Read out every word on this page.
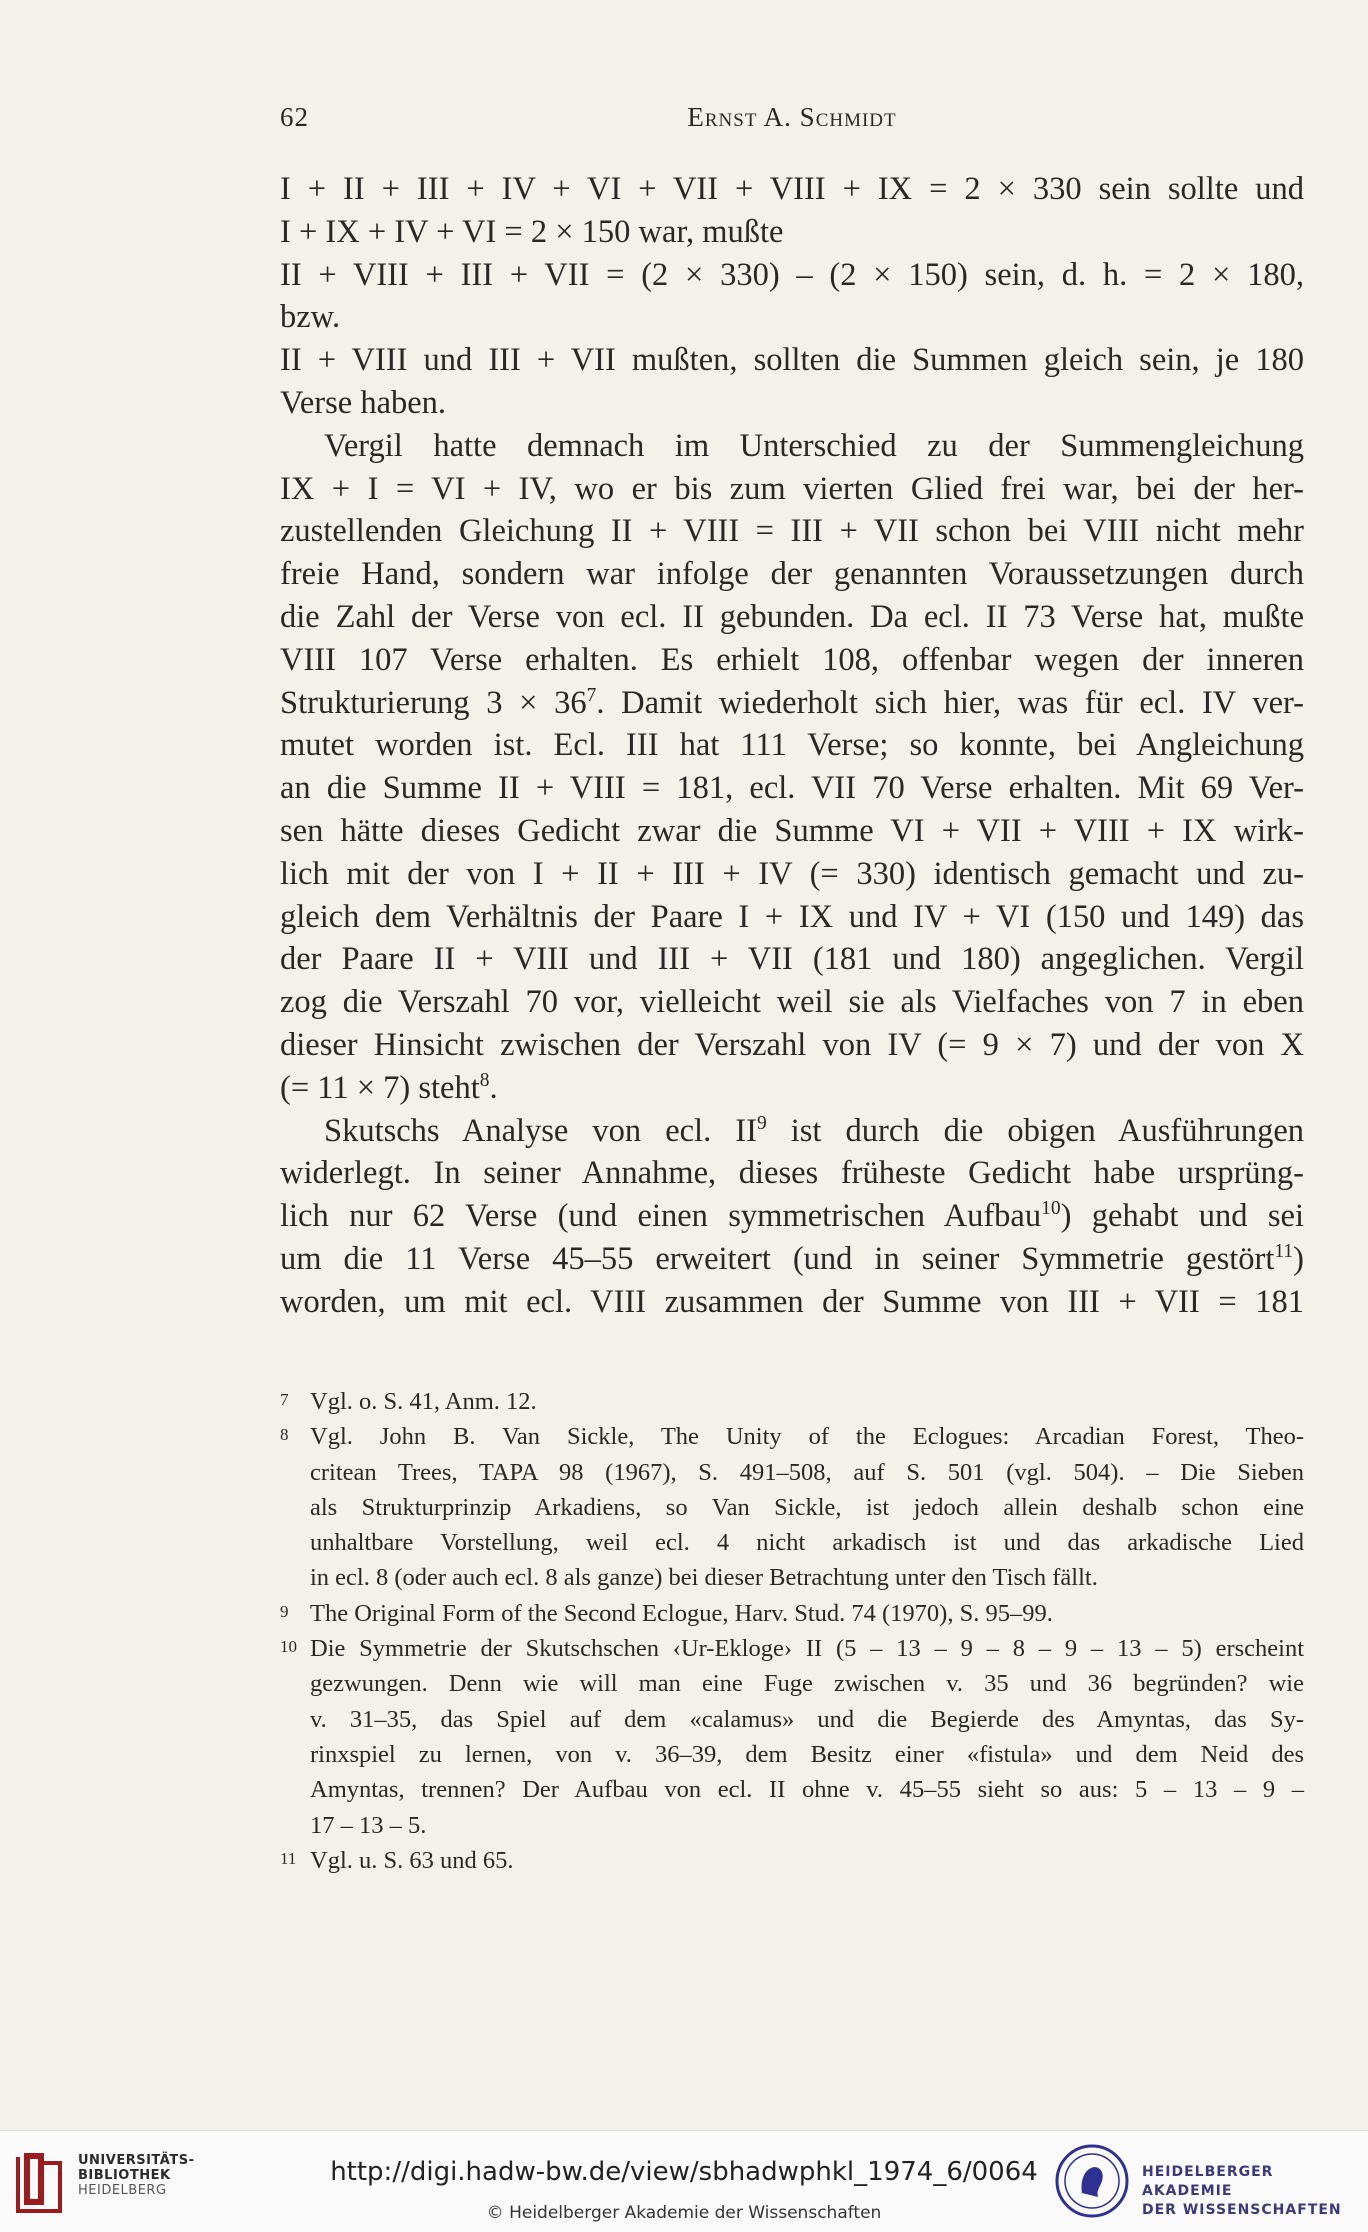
62	Ernst A. Schmidt

I + II + III + IV + VI + VII + VIII + IX = 2 × 330 sein sollte und
I + IX + IV + VI = 2 × 150 war, mußte
II + VIII + III + VII = (2 × 330) – (2 × 150) sein, d. h. = 2 × 180,
bzw.
II + VIII und III + VII mußten, sollten die Summen gleich sein, je 180
Verse haben.

Vergil hatte demnach im Unterschied zu der Summengleichung
IX + I = VI + IV, wo er bis zum vierten Glied frei war, bei der her-
zustellenden Gleichung II + VIII = III + VII schon bei VIII nicht mehr
freie Hand, sondern war infolge der genannten Voraussetzungen durch
die Zahl der Verse von ecl. II gebunden. Da ecl. II 73 Verse hat, mußte
VIII 107 Verse erhalten. Es erhielt 108, offenbar wegen der inneren
Strukturierung $3 \times 36^7$. Damit wiederholt sich hier, was für ecl. IV ver-
mutet worden ist. Ecl. III hat 111 Verse; so konnte, bei Angleichung
an die Summe II + VIII = 181, ecl. VII 70 Verse erhalten. Mit 69 Ver-
sen hätte dieses Gedicht zwar die Summe VI + VII + VIII + IX wirk-
lich mit der von I + II + III + IV (= 330) identisch gemacht und zu-
gleich dem Verhältnis der Paare I + IX und IV + VI (150 und 149) das
der Paare II + VIII und III + VII (181 und 180) angeglichen. Vergil
zog die Verszahl 70 vor, vielleicht weil sie als Vielfaches von 7 in eben
dieser Hinsicht zwischen der Verszahl von IV (= 9 × 7) und der von X
(= 11 × 7) steht$^8$.

Skutschs Analyse von ecl. $II^9$ ist durch die obigen Ausführungen
widerlegt. In seiner Annahme, dieses früheste Gedicht habe ursprüng-
lich nur 62 Verse (und einen symmetrischen Aufbau$^{10}$) gehabt und sei
um die 11 Verse 45–55 erweitert (und in seiner Symmetrie gestört$^{11}$)
worden, um mit ecl. VIII zusammen der Summe von III + VII = 181

7 Vgl. o. S. 41, Anm. 12.
8 Vgl. John B. Van Sickle, The Unity of the Eclogues: Arcadian Forest, Theo-
critean Trees, TAPA 98 (1967), S. 491–508, auf S. 501 (vgl. 504). – Die Sieben
als Strukturprinzip Arkadiens, so Van Sickle, ist jedoch allein deshalb schon eine
unhaltbare Vorstellung, weil ecl. 4 nicht arkadisch ist und das arkadische Lied
in ecl. 8 (oder auch ecl. 8 als ganze) bei dieser Betrachtung unter den Tisch fällt.
9 The Original Form of the Second Eclogue, Harv. Stud. 74 (1970), S. 95–99.
10 Die Symmetrie der Skutschschen ‹Ur-Ekloge› II (5 – 13 – 9 – 8 – 9 – 13 – 5) erscheint
gezwungen. Denn wie will man eine Fuge zwischen v. 35 und 36 begründen? wie
v. 31–35, das Spiel auf dem «calamus» und die Begierde des Amyntas, das Sy-
rinxspiel zu lernen, von v. 36–39, dem Besitz einer «fistula» und dem Neid des
Amyntas, trennen? Der Aufbau von ecl. II ohne v. 45–55 sieht so aus: 5 – 13 – 9 –
17 – 13 – 5.
11 Vgl. u. S. 63 und 65.
UNIVERSITÄTS-
BIBLIOTHEK
HEIDELBERG
http://digi.hadw-bw.de/view/sbhadwphkl_1974_6/0064
© Heidelberger Akademie der Wissenschaften
HEIDELBERGER AKADEMIE
DER WISSENSCHAFTEN
